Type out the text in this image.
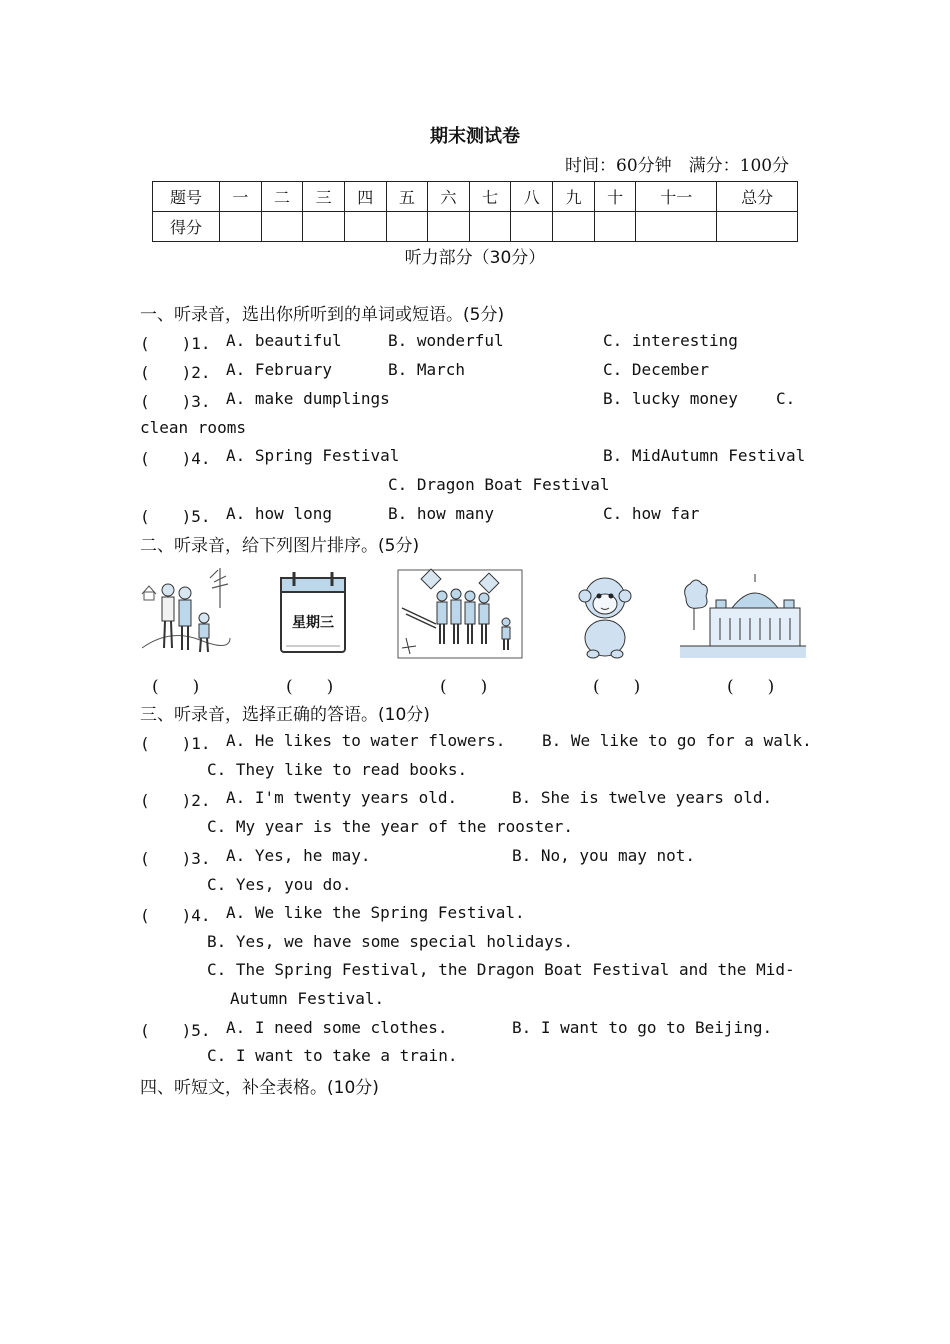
期末测试卷
时间：60分钟　满分：100分
题号	一	二	三	四	五	六	七	八	九	十	十一	总分
得分												
听力部分（30分）
一、听录音，选出你所听到的单词或短语。(5分)
(　　)1. A. beautiful	B. wonderful	C. interesting
(　　)2. A. February	B. March	C. December
(　　)3. A. make dumplings	B. lucky money C.
clean rooms
(　　)4. A. Spring Festival	B. MidAutumn Festival
C. Dragon Boat Festival
(　　)5. A. how long	B. how many	C. how far
二、听录音，给下列图片排序。(5分)
星期三
(　　)	(　　)	(　　)	(　　)	(　　)
三、听录音，选择正确的答语。(10分)
(　　)1. A. He likes to water flowers. B. We like to go for a walk.
C. They like to read books.
(　　)2. A. I'm twenty years old.	B. She is twelve years old.
C. My year is the year of the rooster.
(　　)3. A. Yes, he may.	B. No, you may not.
C. Yes, you do.
(　　)4. A. We like the Spring Festival.
B. Yes, we have some special holidays.
C. The Spring Festival, the Dragon Boat Festival and the Mid-
Autumn Festival.
(　　)5. A. I need some clothes.	B. I want to go to Beijing.
C. I want to take a train.
四、听短文，补全表格。(10分)
